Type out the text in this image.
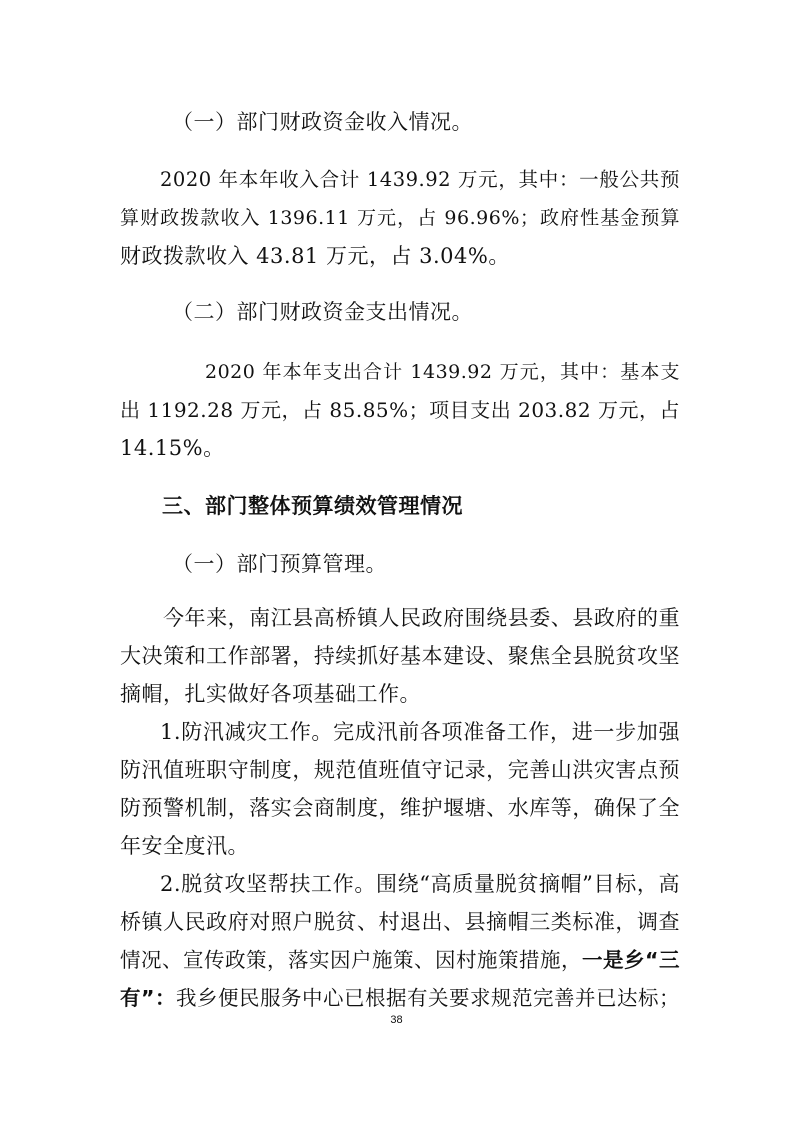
（一）部门财政资金收入情况。
2020 年本年收入合计 1439.92 万元，其中：一般公共预
算财政拨款收入 1396.11 万元，占 96.96%；政府性基金预算
财政拨款收入 43.81 万元，占 3.04%。
（二）部门财政资金支出情况。
2020 年本年支出合计 1439.92 万元，其中：基本支
出 1192.28 万元，占 85.85%；项目支出 203.82 万元，占
14.15%。
三、部门整体预算绩效管理情况
（一）部门预算管理。
今年来，南江县高桥镇人民政府围绕县委、县政府的重
大决策和工作部署，持续抓好基本建设、聚焦全县脱贫攻坚
摘帽，扎实做好各项基础工作。
1.防汛减灾工作。完成汛前各项准备工作，进一步加强
防汛值班职守制度，规范值班值守记录，完善山洪灾害点预
防预警机制，落实会商制度，维护堰塘、水库等，确保了全
年安全度汛。
2.脱贫攻坚帮扶工作。围绕“高质量脱贫摘帽”目标，高
桥镇人民政府对照户脱贫、村退出、县摘帽三类标准，调查
情况、宣传政策，落实因户施策、因村施策措施，一是乡“三
有”：我乡便民服务中心已根据有关要求规范完善并已达标；
38
